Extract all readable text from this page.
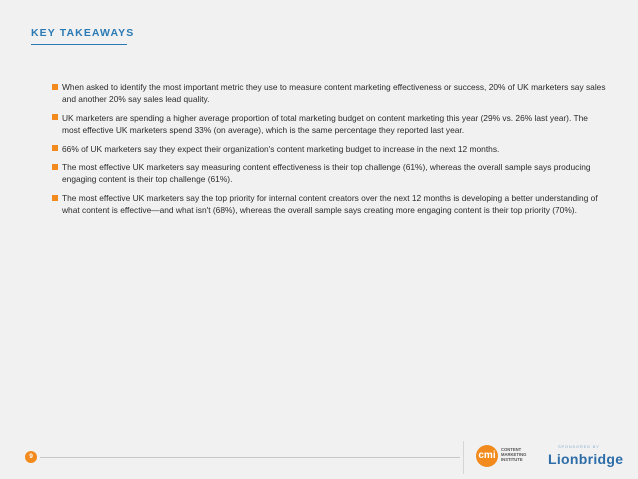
KEY TAKEAWAYS
When asked to identify the most important metric they use to measure content marketing effectiveness or success, 20% of UK marketers say sales and another 20% say sales lead quality.
UK marketers are spending a higher average proportion of total marketing budget on content marketing this year (29% vs. 26% last year). The most effective UK marketers spend 33% (on average), which is the same percentage they reported last year.
66% of UK marketers say they expect their organization's content marketing budget to increase in the next 12 months.
The most effective UK marketers say measuring content effectiveness is their top challenge (61%), whereas the overall sample says producing engaging content is their top challenge (61%).
The most effective UK marketers say the top priority for internal content creators over the next 12 months is developing a better understanding of what content is effective—and what isn't (68%), whereas the overall sample says creating more engaging content is their top priority (70%).
9	cmi
CONTENT
MARKETING
INSTITUTE
SPONSORED BY
Lionbridge
